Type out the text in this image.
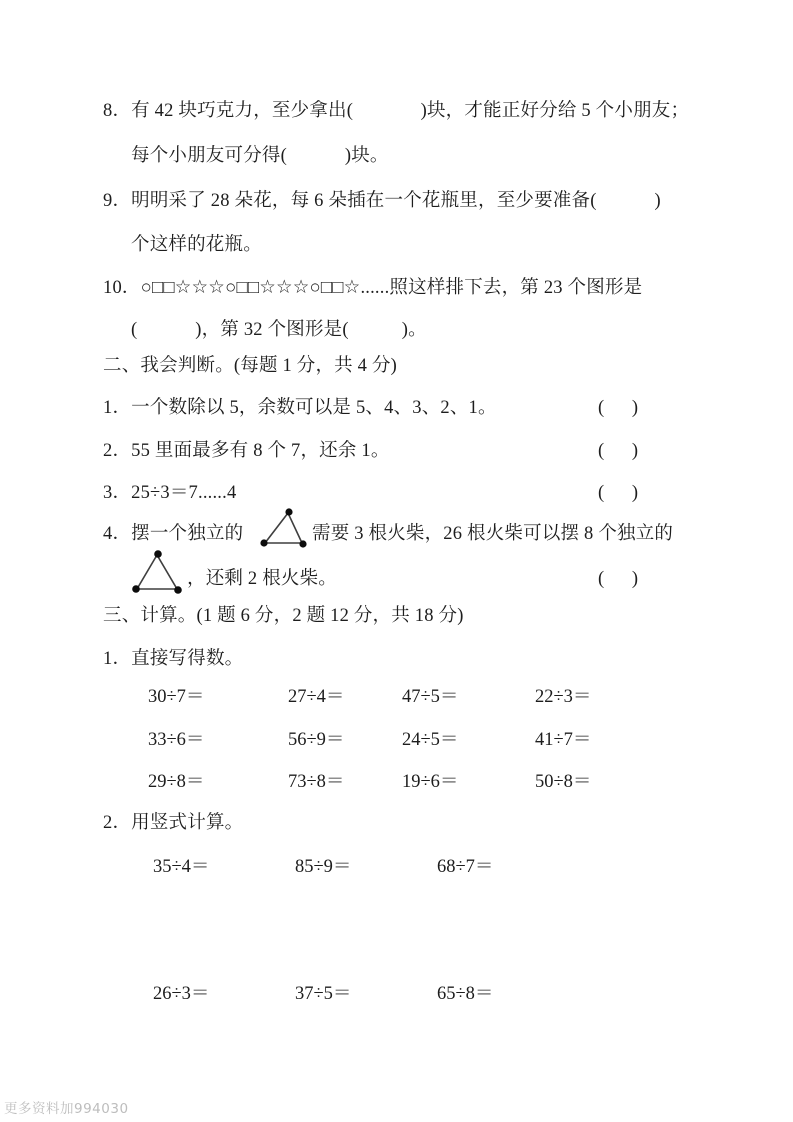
8．有 42 块巧克力，至少拿出(              )块，才能正好分给 5 个小朋友；
每个小朋友可分得(            )块。
9．明明采了 28 朵花，每 6 朵插在一个花瓶里，至少要准备(            )
个这样的花瓶。
10．○□□☆☆☆○□□☆☆☆○□□☆......照这样排下去，第 23 个图形是
(            )，第 32 个图形是(           )。
二、我会判断。(每题 1 分，共 4 分)
1．一个数除以 5，余数可以是 5、4、3、2、1。	(      )
2．55 里面最多有 8 个 7，还余 1。	(      )
3．25÷3＝7......4	(      )
4．摆一个独立的	需要 3 根火柴，26 根火柴可以摆 8 个独立的
，还剩 2 根火柴。	(      )
三、计算。(1 题 6 分，2 题 12 分，共 18 分)
1．直接写得数。
30÷7＝	27÷4＝	47÷5＝	22÷3＝
33÷6＝	56÷9＝	24÷5＝	41÷7＝
29÷8＝	73÷8＝	19÷6＝	50÷8＝
2．用竖式计算。
35÷4＝	85÷9＝	68÷7＝
26÷3＝	37÷5＝	65÷8＝
更多资料加994030
